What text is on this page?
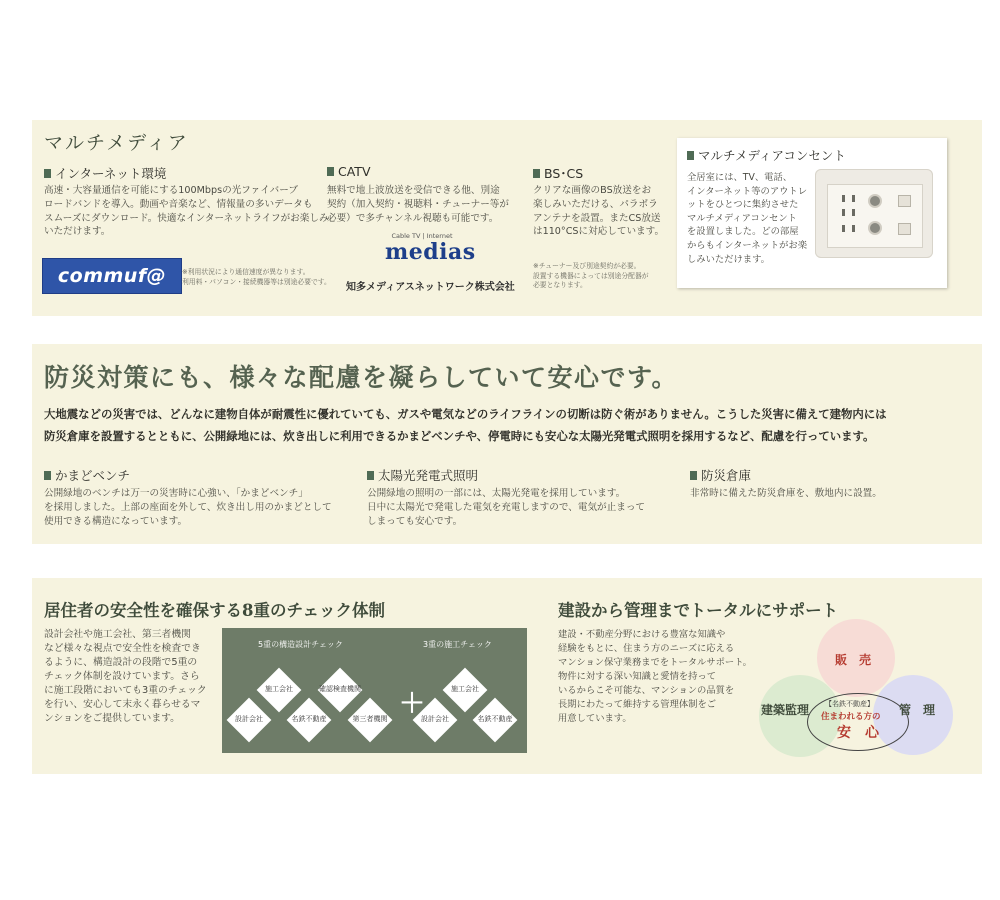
マルチメディア
インターネット環境
高速・大容量通信を可能にする100Mbpsの光ファイバーブ
ロードバンドを導入。動画や音楽など、情報量の多いデータも
スムーズにダウンロード。快適なインターネットライフがお楽しみ
いただけます。
commuf@	※利用状況により通信速度が異なります。
利用料・パソコン・接続機器等は別途必要です。
CATV
無料で地上波放送を受信できる他、別途
契約（加入契約・視聴料・チューナー等が
必要）で多チャンネル視聴も可能です。
Cable TV | Internet
medias
知多メディアスネットワーク株式会社
BS･CS
クリアな画像のBS放送をお
楽しみいただける、パラボラ
アンテナを設置。またCS放送
は110°CSに対応しています。
※チューナー及び別途契約が必要。
設置する機器によっては別途分配器が
必要となります。
マルチメディアコンセント
全居室には、TV、電話、
インターネット等のアウトレ
ットをひとつに集約させた
マルチメディアコンセント
を設置しました。どの部屋
からもインターネットがお楽
しみいただけます。
防災対策にも、様々な配慮を凝らしていて安心です。
大地震などの災害では、どんなに建物自体が耐震性に優れていても、ガスや電気などのライフラインの切断は防ぐ術がありません。こうした災害に備えて建物内には
防災倉庫を設置するとともに、公開緑地には、炊き出しに利用できるかまどベンチや、停電時にも安心な太陽光発電式照明を採用するなど、配慮を行っています。
かまどベンチ
公開緑地のベンチは万一の災害時に心強い、「かまどベンチ」
を採用しました。上部の座面を外して、炊き出し用のかまどとして
使用できる構造になっています。
太陽光発電式照明
公開緑地の照明の一部には、太陽光発電を採用しています。
日中に太陽光で発電した電気を充電しますので、電気が止まって
しまっても安心です。
防災倉庫
非常時に備えた防災倉庫を、敷地内に設置。
居住者の安全性を確保する8重のチェック体制
設計会社や施工会社、第三者機関
など様々な視点で安全性を検査でき
るように、構造設計の段階で5重の
チェック体制を設けています。さら
に施工段階においても3重のチェック
を行い、安心して末永く暮らせるマ
ンションをご提供しています。
5重の構造設計チェック	3重の施工チェック
施工会社	確認検査機関
設計会社	名鉄不動産	第三者機関
施工会社
設計会社	名鉄不動産
＋
建設から管理までトータルにサポート
建設・不動産分野における豊富な知識や
経験をもとに、住まう方のニーズに応える
マンション保守業務までをトータルサポート。
物件に対する深い知識と愛情を持って
いるからこそ可能な、マンションの品質を
長期にわたって維持する管理体制をご
用意しています。
販　売
建築監理	管　理
【名鉄不動産】
住まわれる方の
安　心
